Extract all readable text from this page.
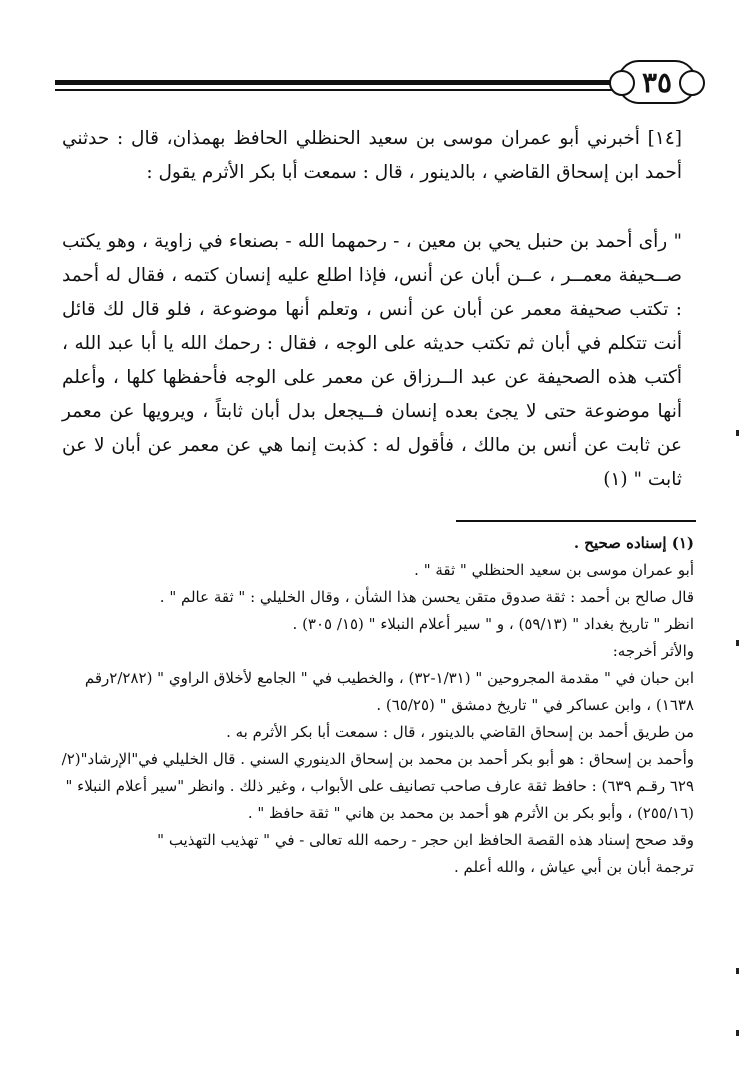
٣٥

[١٤] أخبرني أبو عمران موسى بن سعيد الحنظلي الحافظ بهمذان، قال : حدثني أحمد ابن إسحاق القاضي ، بالدينور ، قال : سمعت أبا بكر الأثرم يقول :

" رأى أحمد بن حنبل يحي بن معين ، - رحمهما الله - بصنعاء في زاوية ، وهو يكتب صــحيفة معمــر ، عــن أبان عن أنس، فإذا اطلع عليه إنسان كتمه ، فقال له أحمد : تكتب صحيفة معمر عن أبان عن أنس ، وتعلم أنها موضوعة ، فلو قال لك قائل أنت تتكلم في أبان ثم تكتب حديثه على الوجه ، فقال : رحمك الله يا أبا عبد الله ، أكتب هذه الصحيفة عن عبد الــرزاق عن معمر على الوجه فأحفظها كلها ، وأعلم أنها موضوعة حتى لا يجئ بعده إنسان فــيجعل بدل أبان ثابتاً ، ويرويها عن معمر عن ثابت عن أنس بن مالك ، فأقول له : كذبت إنما هي عن معمر عن أبان لا عن ثابت " (١)

(١) إسناده صحيح .

أبو عمران موسى بن سعيد الحنظلي " ثقة " .

قال صالح بن أحمد : ثقة صدوق متقن يحسن هذا الشأن ، وقال الخليلي : " ثقة عالم " .

انظر " تاريخ بغداد " (٥٩/١٣) ، و " سير أعلام النبلاء " (١٥/ ٣٠٥) .

والأثر أخرجه:

ابن حبان في " مقدمة المجروحين " (١/٣١-٣٢) ، والخطيب في " الجامع لأخلاق الراوي " (٢/٢٨٢رقم ١٦٣٨) ، وابن عساكر في " تاريخ دمشق " (٦٥/٢٥) .

من طريق أحمد بن إسحاق القاضي بالدينور ، قال : سمعت أبا بكر الأثرم به .

وأحمد بن إسحاق : هو أبو بكر أحمد بن محمد بن إسحاق الدينوري السني . قال الخليلي في"الإرشاد"(٢/ ٦٢٩ رقـم ٦٣٩) : حافظ ثقة عارف صاحب تصانيف على الأبواب ، وغير ذلك . وانظر "سير أعلام النبلاء " (٢٥٥/١٦) ، وأبو بكر بن الأثرم هو أحمد بن محمد بن هاني " ثقة حافظ " .

وقد صحح إسناد هذه القصة الحافظ ابن حجر - رحمه الله تعالى - في " تهذيب التهذيب "

ترجمة أبان بن أبي عياش ، والله أعلم .
